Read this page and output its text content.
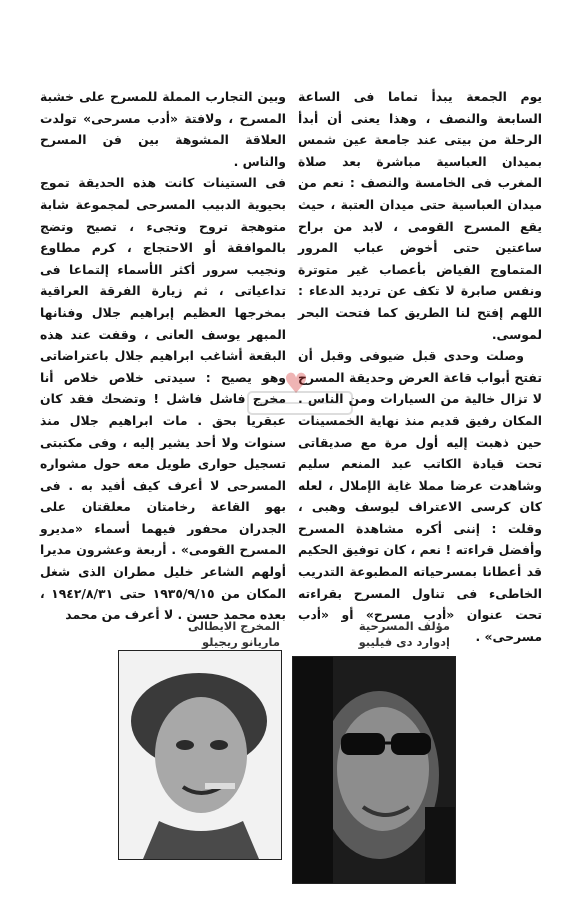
يوم الجمعة يبدأ تماما فى الساعة السابعة والنصف ، وهذا يعنى أن أبدأ الرحلة من بيتى عند جامعة عين شمس بميدان العباسية مباشرة بعد صلاة المغرب فى الخامسة والنصف : نعم من ميدان العباسية حتى ميدان العتبة ، حيث يقع المسرح القومى ، لابد من براح ساعتين حتى أخوض عباب المرور المتماوج الفياض بأعصاب غير متوترة ونفس صابرة لا تكف عن ترديد الدعاء : اللهم إفتح لنا الطريق كما فتحت البحر لموسى.

وصلت وحدى قبل ضيوفى وقبل أن تفتح أبواب قاعة العرض وحديقة المسرح لا تزال خالية من السيارات ومن الناس . المكان رفيق قديم منذ نهاية الخمسينات حين ذهبت إليه أول مرة مع صديقاتى تحت قيادة الكاتب عبد المنعم سليم وشاهدت عرضا مملا غاية الإملال ، لعله كان كرسى الاعتراف ليوسف وهبى ، وقلت : إننى أكره مشاهدة المسرح وأفضل قراءته ! نعم ، كان توفيق الحكيم قد أعطانا بمسرحياته المطبوعة التدريب الخاطىء فى تناول المسرح بقراءته تحت عنوان «أدب مسرح» أو «أدب مسرحى» .

وبين التجارب المملة للمسرح على خشبة المسرح ، ولافتة «أدب مسرحى» تولدت العلاقة المشوهة بين فن المسرح والناس .

فى الستينات كانت هذه الحديقة تموج بحيوية الدبيب المسرحى لمجموعة شابة متوهجة تروح وتجىء ، تصيح وتضج بالموافقة أو الاحتجاج ، كرم مطاوع ونجيب سرور أكثر الأسماء إلتماعا فى تداعياتى ، ثم زيارة الفرقة العراقية بمخرجها العظيم إبراهيم جلال وفنانها المبهر يوسف العانى ، وقفت عند هذه البقعة أشاغب ابراهيم جلال باعتراضاتى وهو يصيح : سيدتى خلاص خلاص أنا مخرج فاشل فاشل ! وتضحك فقد كان عبقريا بحق . مات ابراهيم جلال منذ سنوات ولا أحد يشير إليه ، وفى مكتبتى تسجيل حوارى طويل معه حول مشواره المسرحى لا أعرف كيف أفيد به . فى بهو القاعة رخامتان معلقتان على الجدران محفور فيهما أسماء «مديرو المسرح القومى» . أربعة وعشرون مديرا أولهم الشاعر خليل مطران الذى شغل المكان من ١٩٣٥/٩/١٥ حتى ١٩٤٢/٨/٣١ ، بعده محمد حسن . لا أعرف من محمد

♥
مؤلف المسرحية
إدوارد دى فيليبو
المخرج الايطالى
ماريانو ريجيلو
